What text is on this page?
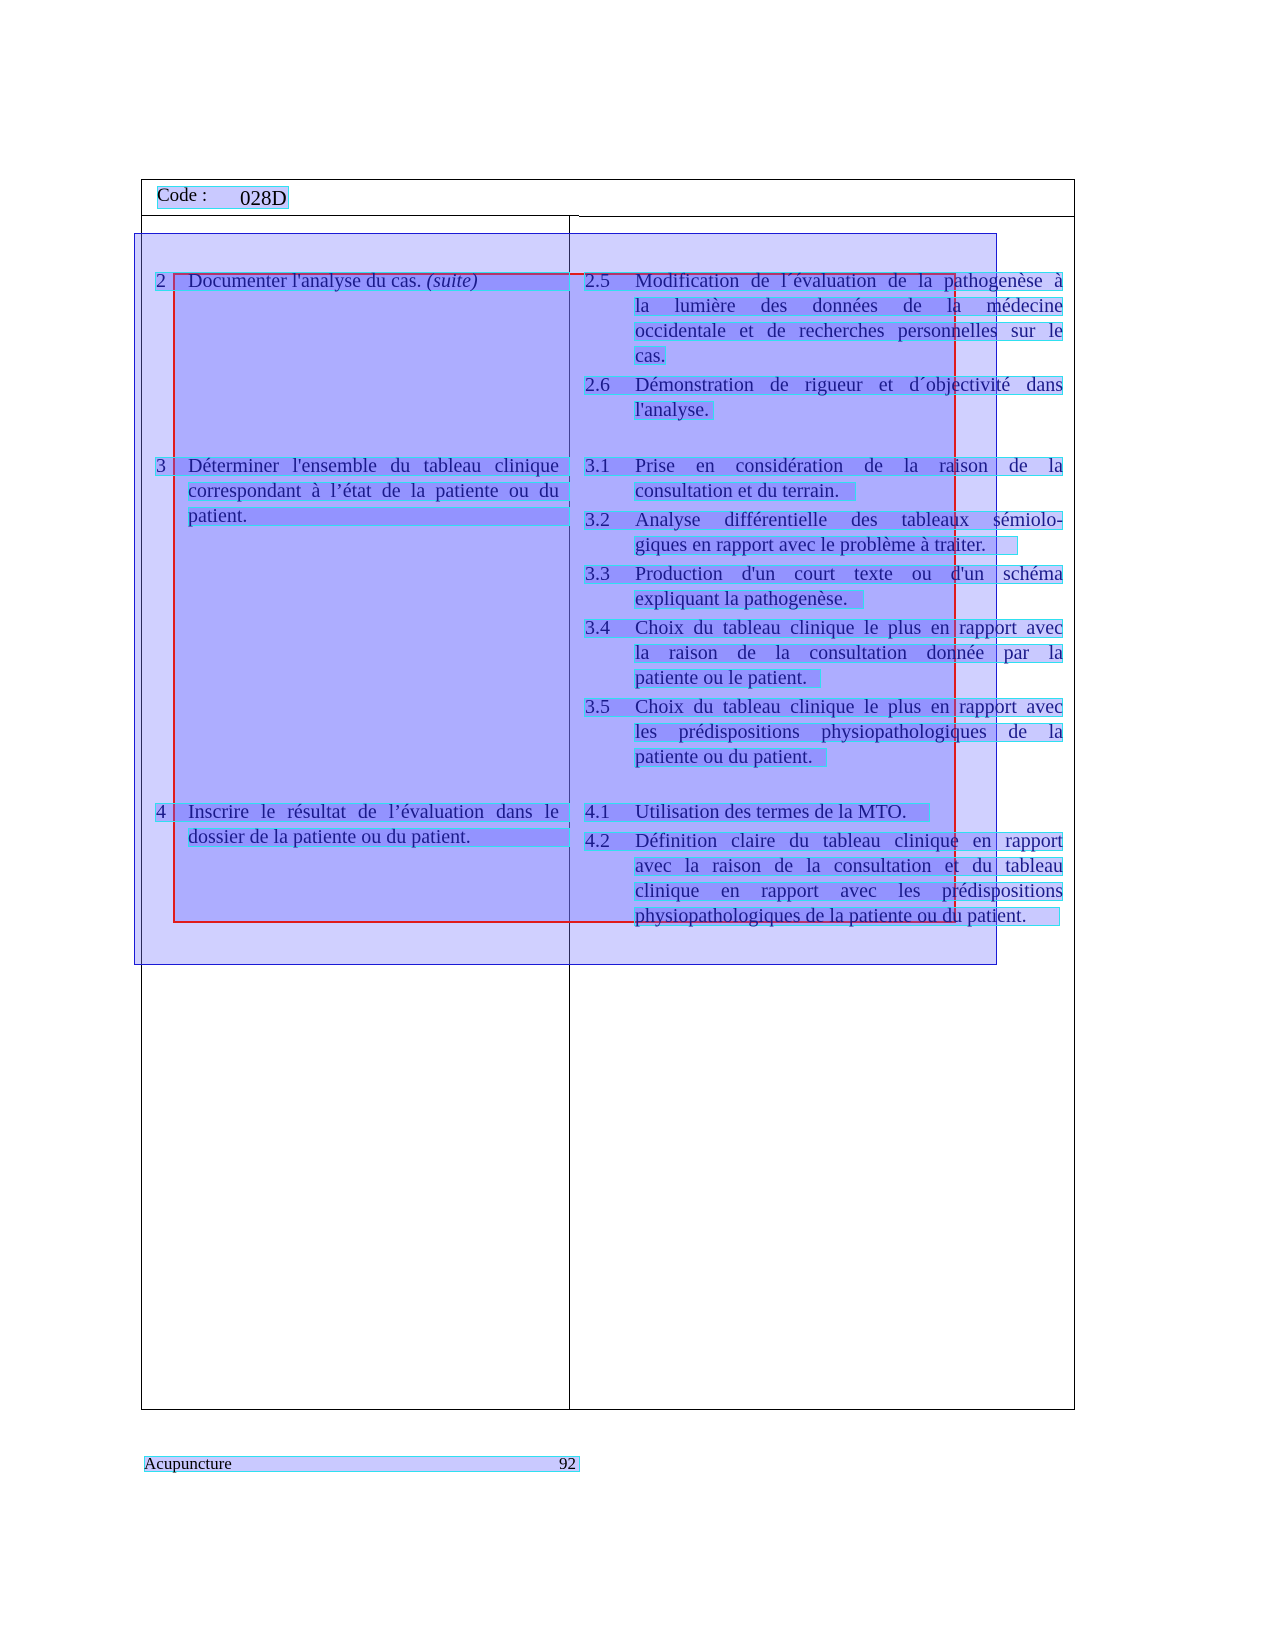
Code : 028D
2 Documenter l'analyse du cas. (suite)
3 Déterminer l'ensemble du tableau clinique
correspondant à l’état de la patiente ou du
patient.
4 Inscrire le résultat de l’évaluation dans le
dossier de la patiente ou du patient.
2.5 Modification de l´évaluation de la pathogenèse à
la lumière des données de la médecine
occidentale et de recherches personnelles sur le
cas.
2.6 Démonstration de rigueur et d´objectivité dans
l'analyse.
3.1 Prise en considération de la raison de la
consultation et du terrain.
3.2 Analyse différentielle des tableaux sémiolo-
giques en rapport avec le problème à traiter.
3.3 Production d'un court texte ou d'un schéma
expliquant la pathogenèse.
3.4 Choix du tableau clinique le plus en rapport avec
la raison de la consultation donnée par la
patiente ou le patient.
3.5 Choix du tableau clinique le plus en rapport avec
les prédispositions physiopathologiques de la
patiente ou du patient.
4.1 Utilisation des termes de la MTO.
4.2 Définition claire du tableau clinique en rapport
avec la raison de la consultation et du tableau
clinique en rapport avec les prédispositions
physiopathologiques de la patiente ou du patient.
Acupuncture	92
